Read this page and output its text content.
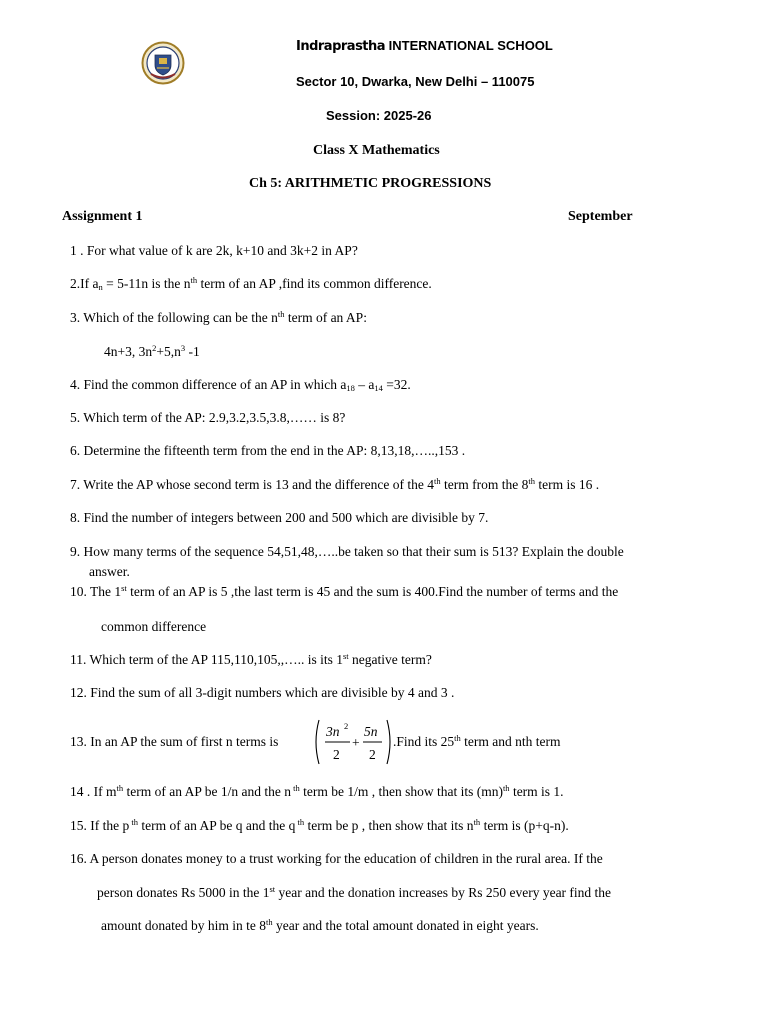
Indraprastha INTERNATIONAL SCHOOL
Sector 10, Dwarka, New Delhi – 110075
Session: 2025-26
Class X Mathematics
Ch 5: ARITHMETIC PROGRESSIONS
Assignment 1	September
1 . For what value of k are 2k, k+10 and 3k+2 in AP?
2.If $a_n = 5-11n$ is the $n^{th}$ term of an AP ,find its common difference.
3. Which of the following can be the $n^{th}$ term of an AP:
4n+3, $3n^2+5,n^3$ -1
4. Find the common difference of an AP in which $a_{18} - a_{14} =32$.
5. Which term of the AP: 2.9,3.2,3.5,3.8,…… is 8?
6. Determine the fifteenth term from the end in the AP: 8,13,18,…..,153 .
7. Write the AP whose second term is 13 and the difference of the 4th term from the 8th term is 16 .
8. Find the number of integers between 200 and 500 which are divisible by 7.
9. How many terms of the sequence 54,51,48,…..be taken so that their sum is 513? Explain the double
answer.
10. The 1st term of an AP is 5 ,the last term is 45 and the sum is 400.Find the number of terms and the
common difference
11. Which term of the AP 115,110,105,,….. is its 1st negative term?
12. Find the sum of all 3-digit numbers which are divisible by 4 and 3 .
13. In an AP the sum of first n terms is
3n 2
2
+
5n
2
.Find its 25th term and nth term
14 . If $m^{th}$ term of an AP be 1/n and the n $^{th}$ term be 1/m , then show that its (mn)$^{th}$ term is 1.
15. If the p $^{th}$ term of an AP be q and the q $^{th}$ term be p , then show that its $n^{th}$ term is (p+q-n).
16. A person donates money to a trust working for the education of children in the rural area. If the
person donates Rs 5000 in the 1st year and the donation increases by Rs 250 every year find the
amount donated by him in te 8th year and the total amount donated in eight years.
